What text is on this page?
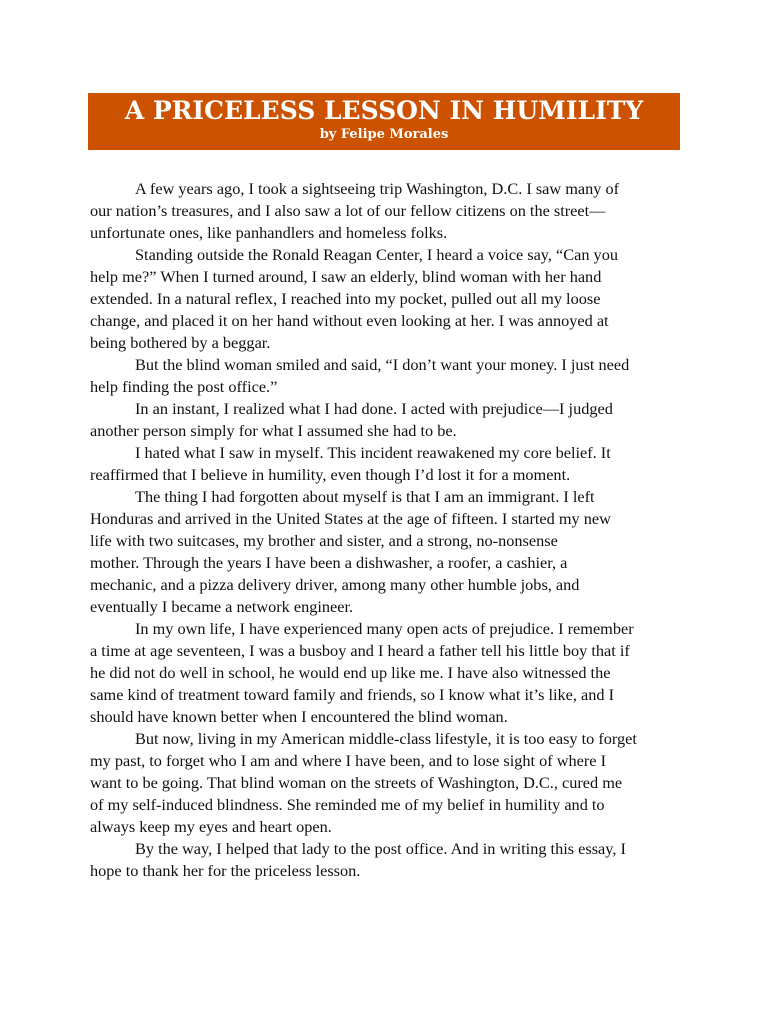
A PRICELESS LESSON IN HUMILITY
by Felipe Morales
A few years ago, I took a sightseeing trip Washington, D.C. I saw many of
our nation’s treasures, and I also saw a lot of our fellow citizens on the street—
unfortunate ones, like panhandlers and homeless folks.
Standing outside the Ronald Reagan Center, I heard a voice say, “Can you
help me?” When I turned around, I saw an elderly, blind woman with her hand
extended. In a natural reflex, I reached into my pocket, pulled out all my loose
change, and placed it on her hand without even looking at her. I was annoyed at
being bothered by a beggar.
But the blind woman smiled and said, “I don’t want your money. I just need
help finding the post office.”
In an instant, I realized what I had done. I acted with prejudice—I judged
another person simply for what I assumed she had to be.
I hated what I saw in myself. This incident reawakened my core belief. It
reaffirmed that I believe in humility, even though I’d lost it for a moment.
The thing I had forgotten about myself is that I am an immigrant. I left
Honduras and arrived in the United States at the age of fifteen. I started my new
life with two suitcases, my brother and sister, and a strong, no-nonsense
mother. Through the years I have been a dishwasher, a roofer, a cashier, a
mechanic, and a pizza delivery driver, among many other humble jobs, and
eventually I became a network engineer.
In my own life, I have experienced many open acts of prejudice. I remember
a time at age seventeen, I was a busboy and I heard a father tell his little boy that if
he did not do well in school, he would end up like me. I have also witnessed the
same kind of treatment toward family and friends, so I know what it’s like, and I
should have known better when I encountered the blind woman.
But now, living in my American middle-class lifestyle, it is too easy to forget
my past, to forget who I am and where I have been, and to lose sight of where I
want to be going. That blind woman on the streets of Washington, D.C., cured me
of my self-induced blindness. She reminded me of my belief in humility and to
always keep my eyes and heart open.
By the way, I helped that lady to the post office. And in writing this essay, I
hope to thank her for the priceless lesson.
